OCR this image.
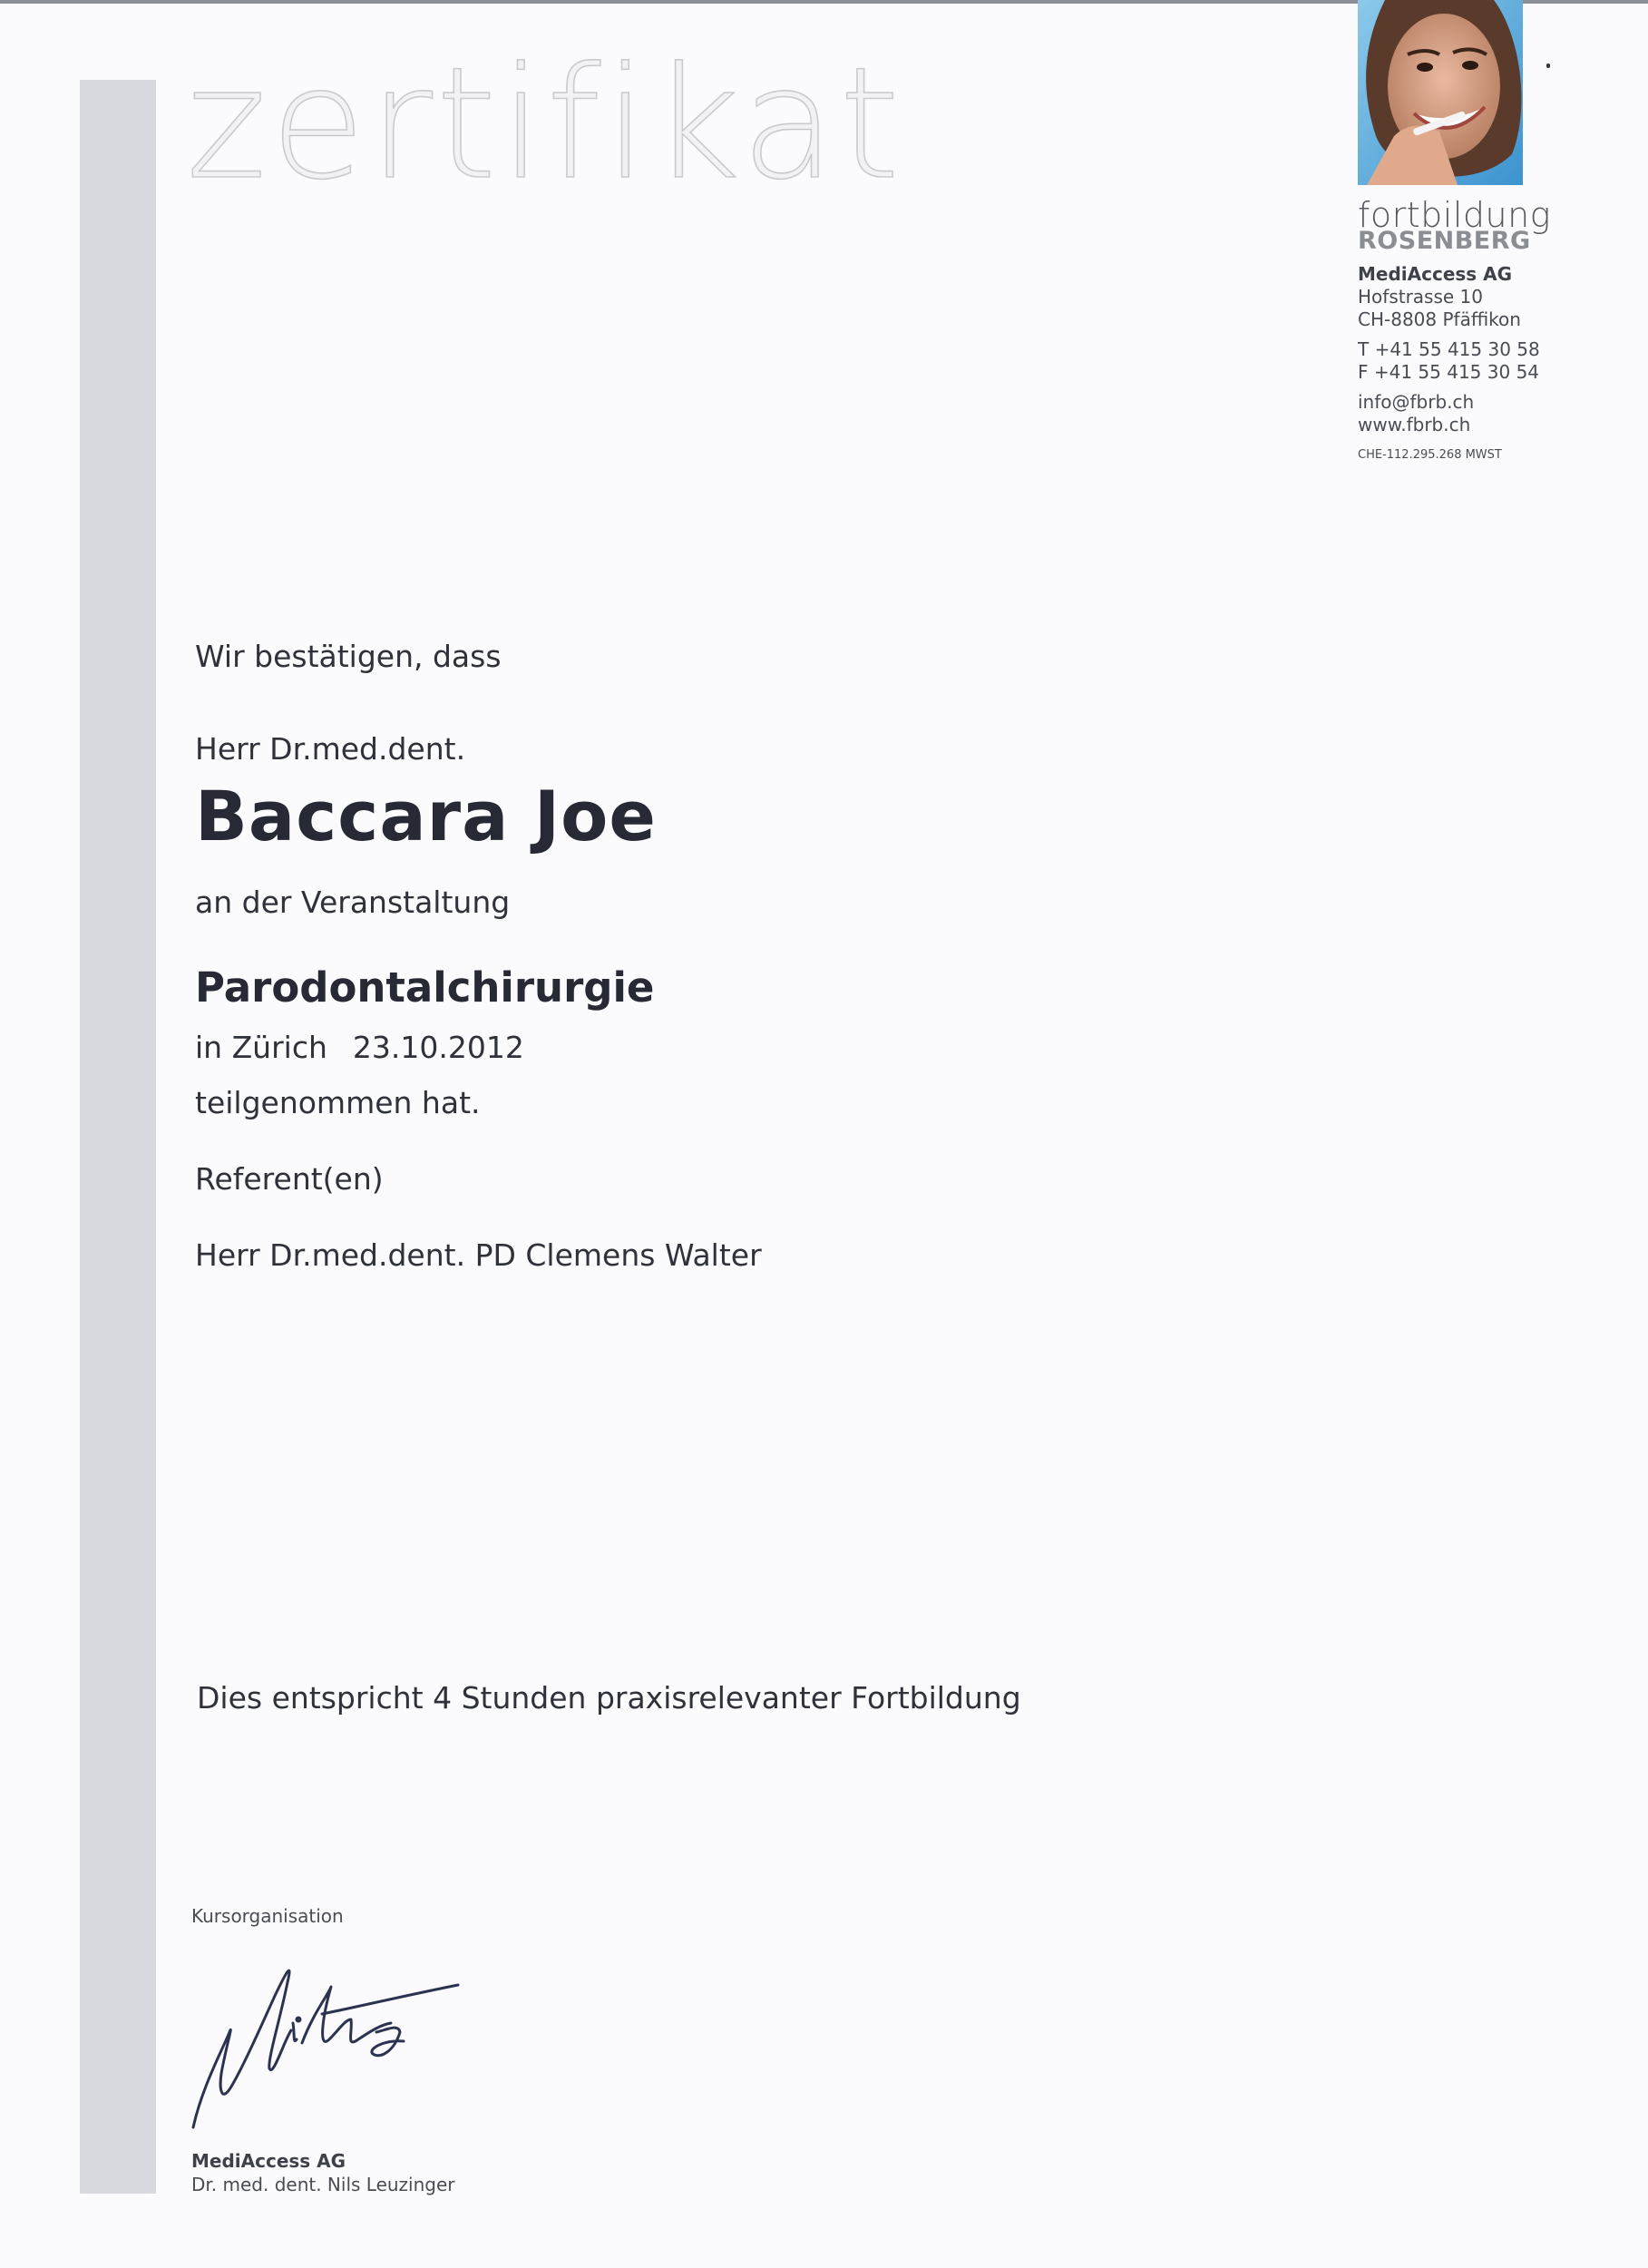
zertifikat
fortbildung
ROSENBERG
MediAccess AG
Hofstrasse 10
CH-8808 Pfäffikon
T +41 55 415 30 58
F +41 55 415 30 54
info@fbrb.ch
www.fbrb.ch
CHE-112.295.268 MWST
Wir bestätigen, dass
Herr Dr.med.dent.
Baccara Joe
an der Veranstaltung
Parodontalchirurgie
in Zürich 23.10.2012
teilgenommen hat.
Referent(en)
Herr Dr.med.dent. PD Clemens Walter
Dies entspricht 4 Stunden praxisrelevanter Fortbildung
Kursorganisation
MediAccess AG
Dr. med. dent. Nils Leuzinger
